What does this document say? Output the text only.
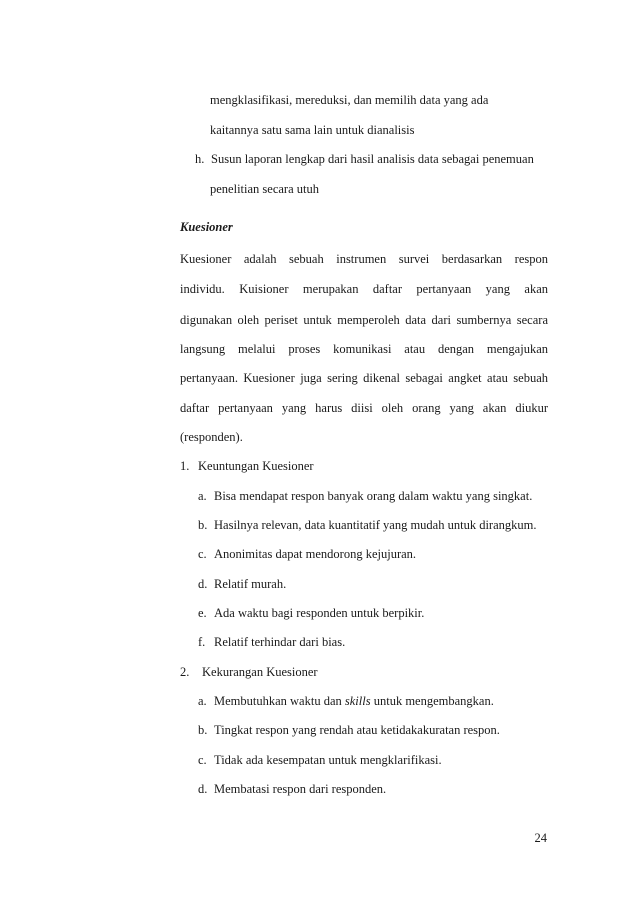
mengklasifikasi, mereduksi, dan memilih data yang ada
kaitannya satu sama lain untuk dianalisis
h. Susun laporan lengkap dari hasil analisis data sebagai penemuan
penelitian secara utuh
Kuesioner
Kuesioner adalah sebuah instrumen survei berdasarkan respon
individu. Kuisioner merupakan daftar pertanyaan yang akan
digunakan oleh periset untuk memperoleh data dari sumbernya secara
langsung melalui proses komunikasi atau dengan mengajukan
pertanyaan. Kuesioner juga sering dikenal sebagai angket atau sebuah
daftar pertanyaan yang harus diisi oleh orang yang akan diukur
(responden).
1. Keuntungan Kuesioner
a. Bisa mendapat respon banyak orang dalam waktu yang singkat.
b. Hasilnya relevan, data kuantitatif yang mudah untuk dirangkum.
c. Anonimitas dapat mendorong kejujuran.
d. Relatif murah.
e. Ada waktu bagi responden untuk berpikir.
f. Relatif terhindar dari bias.
2. Kekurangan Kuesioner
a. Membutuhkan waktu dan skills untuk mengembangkan.
b. Tingkat respon yang rendah atau ketidakakuratan respon.
c. Tidak ada kesempatan untuk mengklarifikasi.
d. Membatasi respon dari responden.
24
